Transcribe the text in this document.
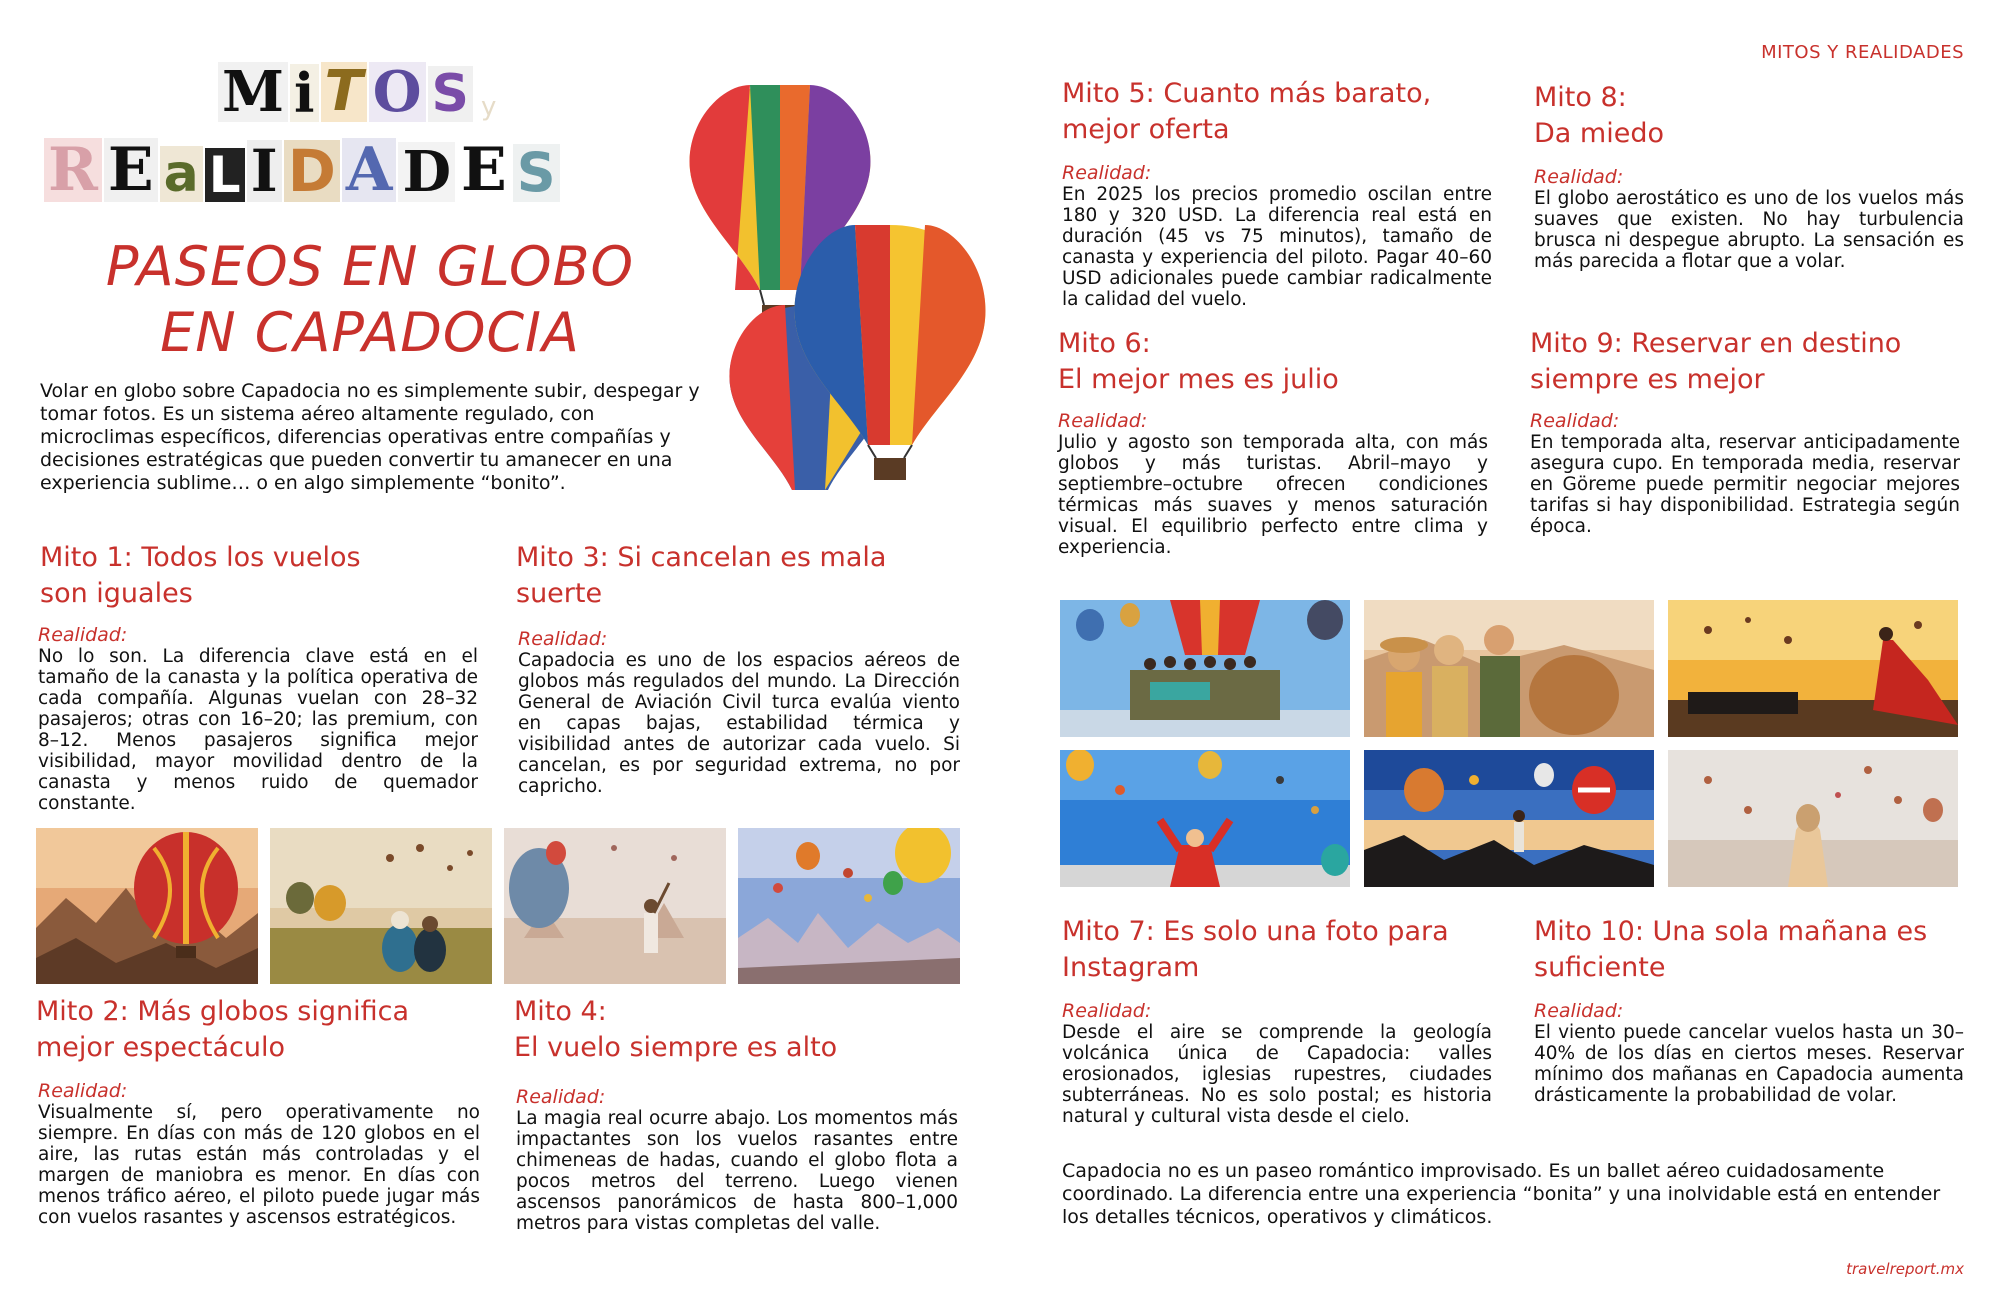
M i T O S y
R E a L I D A D E S
PASEOS EN GLOBO
EN CAPADOCIA
Volar en globo sobre Capadocia no es simplemente subir, despegar y tomar fotos. Es un sistema aéreo altamente regulado, con microclimas específicos, diferencias operativas entre compañías y decisiones estratégicas que pueden convertir tu amanecer en una experiencia sublime… o en algo simplemente “bonito”.
Mito 1: Todos los vuelos
son iguales
Realidad:
No lo son. La diferencia clave está en el tamaño de la canasta y la política operativa de cada compañía. Algunas vuelan con 28–32 pasajeros; otras con 16–20; las premium, con 8–12. Menos pasajeros significa mejor visibilidad, mayor movilidad dentro de la canasta y menos ruido de quemador constante.
Mito 3: Si cancelan es mala
suerte
Realidad:
Capadocia es uno de los espacios aéreos de globos más regulados del mundo. La Dirección General de Aviación Civil turca evalúa viento en capas bajas, estabilidad térmica y visibilidad antes de autorizar cada vuelo. Si cancelan, es por seguridad extrema, no por capricho.
Mito 2: Más globos significa
mejor espectáculo
Realidad:
Visualmente sí, pero operativamente no siempre. En días con más de 120 globos en el aire, las rutas están más controladas y el margen de maniobra es menor. En días con menos tráfico aéreo, el piloto puede jugar más con vuelos rasantes y ascensos estratégicos.
Mito 4:
El vuelo siempre es alto
Realidad:
La magia real ocurre abajo. Los momentos más impactantes son los vuelos rasantes entre chimeneas de hadas, cuando el globo flota a pocos metros del terreno. Luego vienen ascensos panorámicos de hasta 800–1,000 metros para vistas completas del valle.
MITOS Y REALIDADES
Mito 5: Cuanto más barato,
mejor oferta
Realidad:
En 2025 los precios promedio oscilan entre 180 y 320 USD. La diferencia real está en duración (45 vs 75 minutos), tamaño de canasta y experiencia del piloto. Pagar 40–60 USD adicionales puede cambiar radicalmente la calidad del vuelo.
Mito 8:
Da miedo
Realidad:
El globo aerostático es uno de los vuelos más suaves que existen. No hay turbulencia brusca ni despegue abrupto. La sensación es más parecida a flotar que a volar.
Mito 6:
El mejor mes es julio
Realidad:
Julio y agosto son temporada alta, con más globos y más turistas. Abril–mayo y septiembre–octubre ofrecen condiciones térmicas más suaves y menos saturación visual. El equilibrio perfecto entre clima y experiencia.
Mito 9: Reservar en destino
siempre es mejor
Realidad:
En temporada alta, reservar anticipadamente asegura cupo. En temporada media, reservar en Göreme puede permitir negociar mejores tarifas si hay disponibilidad. Estrategia según época.
Mito 7: Es solo una foto para
Instagram
Realidad:
Desde el aire se comprende la geología volcánica única de Capadocia: valles erosionados, iglesias rupestres, ciudades subterráneas. No es solo postal; es historia natural y cultural vista desde el cielo.
Mito 10: Una sola mañana es
suficiente
Realidad:
El viento puede cancelar vuelos hasta un 30–40% de los días en ciertos meses. Reservar mínimo dos mañanas en Capadocia aumenta drásticamente la probabilidad de volar.
Capadocia no es un paseo romántico improvisado. Es un ballet aéreo cuidadosamente coordinado. La diferencia entre una experiencia “bonita” y una inolvidable está en entender los detalles técnicos, operativos y climáticos.
travelreport.mx
